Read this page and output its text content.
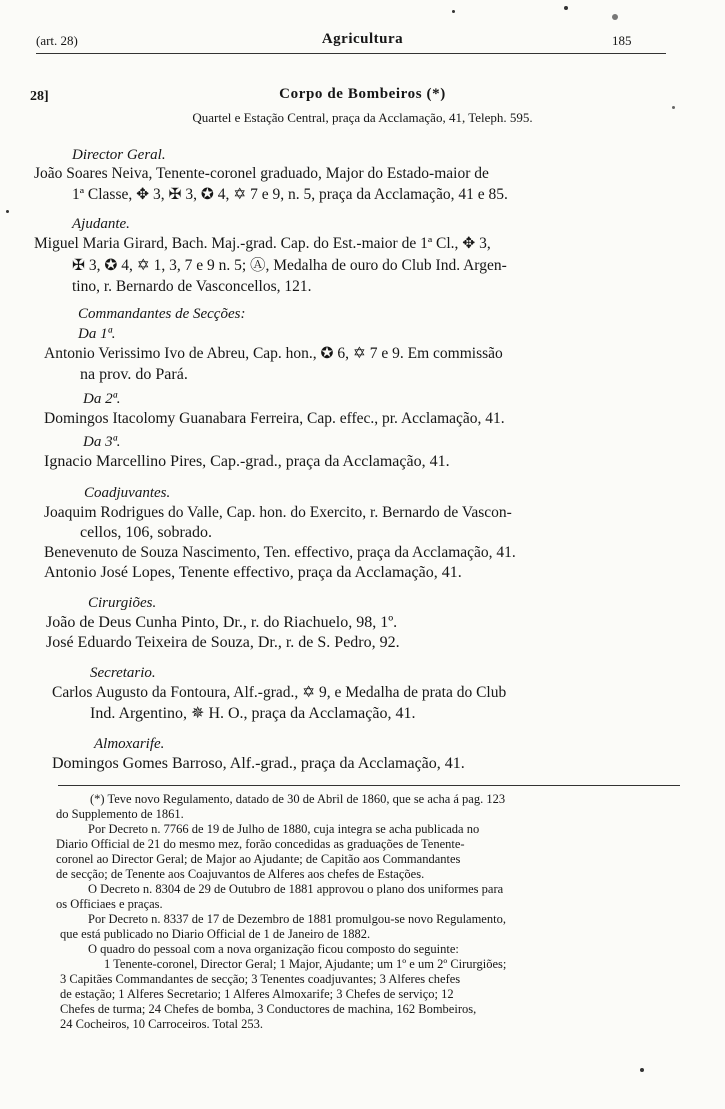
(art. 28)	Agricultura	185
28]	Corpo de Bombeiros (*)
Quartel e Estação Central, praça da Acclamação, 41, Teleph. 595.
Director Geral.
João Soares Neiva, Tenente-coronel graduado, Major do Estado-maior de
1ª Classe, ✥ 3, ✠ 3, ✪ 4, ✡ 7 e 9, n. 5, praça da Acclamação, 41 e 85.
Ajudante.
Miguel Maria Girard, Bach. Maj.-grad. Cap. do Est.-maior de 1ª Cl., ✥ 3,
✠ 3, ✪ 4, ✡ 1, 3, 7 e 9 n. 5; Ⓐ, Medalha de ouro do Club Ind. Argen-
tino, r. Bernardo de Vasconcellos, 121.
Commandantes de Secções:
Da 1ª.
Antonio Verissimo Ivo de Abreu, Cap. hon., ✪ 6, ✡ 7 e 9. Em commissão
na prov. do Pará.
Da 2ª.
Domingos Itacolomy Guanabara Ferreira, Cap. effec., pr. Acclamação, 41.
Da 3ª.
Ignacio Marcellino Pires, Cap.-grad., praça da Acclamação, 41.
Coadjuvantes.
Joaquim Rodrigues do Valle, Cap. hon. do Exercito, r. Bernardo de Vascon-
cellos, 106, sobrado.
Benevenuto de Souza Nascimento, Ten. effectivo, praça da Acclamação, 41.
Antonio José Lopes, Tenente effectivo, praça da Acclamação, 41.
Cirurgiões.
João de Deus Cunha Pinto, Dr., r. do Riachuelo, 98, 1º.
José Eduardo Teixeira de Souza, Dr., r. de S. Pedro, 92.
Secretario.
Carlos Augusto da Fontoura, Alf.-grad., ✡ 9, e Medalha de prata do Club
Ind. Argentino, ✵ H. O., praça da Acclamação, 41.
Almoxarife.
Domingos Gomes Barroso, Alf.-grad., praça da Acclamação, 41.
(*) Teve novo Regulamento, datado de 30 de Abril de 1860, que se acha á pag. 123
do Supplemento de 1861.
Por Decreto n. 7766 de 19 de Julho de 1880, cuja integra se acha publicada no
Diario Official de 21 do mesmo mez, forão concedidas as graduações de Tenente-
coronel ao Director Geral; de Major ao Ajudante; de Capitão aos Commandantes
de secção; de Tenente aos Coajuvantos de Alferes aos chefes de Estações.
O Decreto n. 8304 de 29 de Outubro de 1881 approvou o plano dos uniformes para
os Officiaes e praças.
Por Decreto n. 8337 de 17 de Dezembro de 1881 promulgou-se novo Regulamento,
que está publicado no Diario Official de 1 de Janeiro de 1882.
O quadro do pessoal com a nova organização ficou composto do seguinte:
1 Tenente-coronel, Director Geral; 1 Major, Ajudante; um 1º e um 2º Cirurgiões;
3 Capitães Commandantes de secção; 3 Tenentes coadjuvantes; 3 Alferes chefes
de estação; 1 Alferes Secretario; 1 Alferes Almoxarife; 3 Chefes de serviço; 12
Chefes de turma; 24 Chefes de bomba, 3 Conductores de machina, 162 Bombeiros,
24 Cocheiros, 10 Carroceiros. Total 253.
